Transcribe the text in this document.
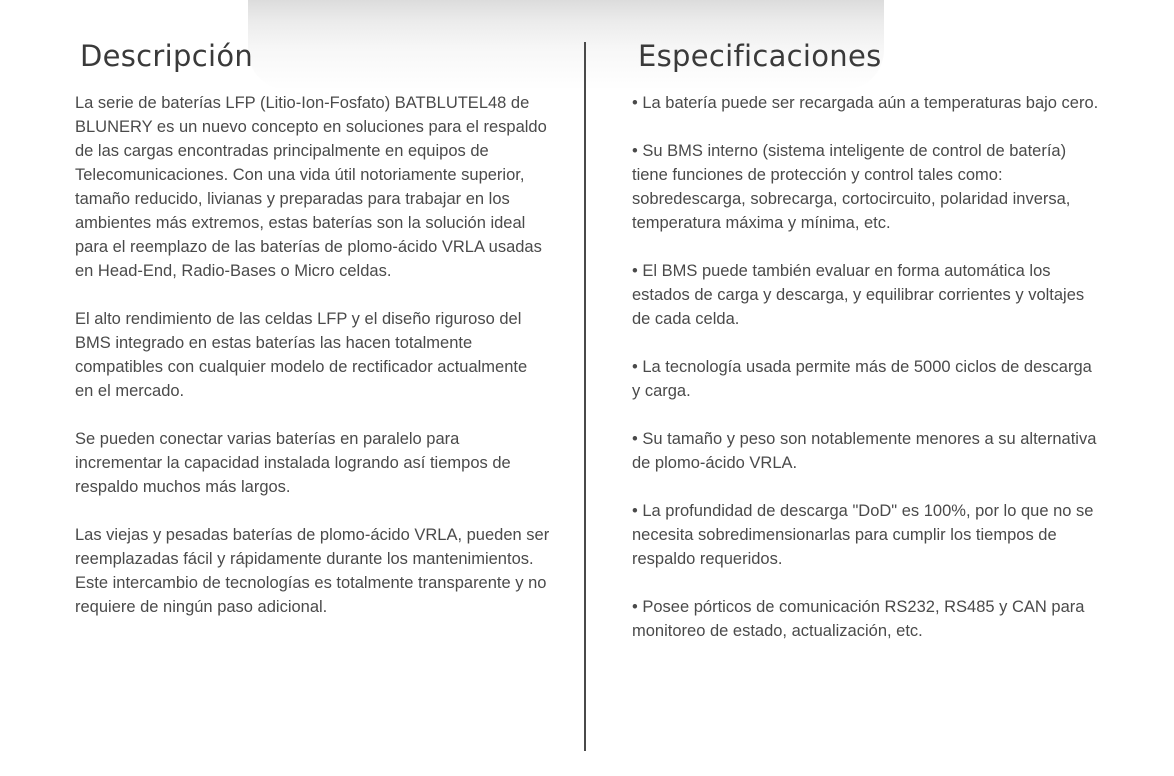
Descripción

La serie de baterías LFP (Litio-Ion-Fosfato) BATBLUTEL48 de BLUNERY es un nuevo concepto en soluciones para el respaldo de las cargas encontradas principalmente en equipos de Telecomunicaciones. Con una vida útil notoriamente superior, tamaño reducido, livianas y preparadas para trabajar en los ambientes más extremos, estas baterías son la solución ideal para el reemplazo de las baterías de plomo-ácido VRLA usadas en Head-End, Radio-Bases o Micro celdas.

El alto rendimiento de las celdas LFP y el diseño riguroso del BMS integrado en estas baterías las hacen totalmente compatibles con cualquier modelo de rectificador actualmente en el mercado.

Se pueden conectar varias baterías en paralelo para incrementar la capacidad instalada logrando así tiempos de respaldo muchos más largos.

Las viejas y pesadas baterías de plomo-ácido VRLA, pueden ser reemplazadas fácil y rápidamente durante los mantenimientos. Este intercambio de tecnologías es totalmente transparente y no requiere de ningún paso adicional.

Especificaciones

• La batería puede ser recargada aún a temperaturas bajo cero.

• Su BMS interno (sistema inteligente de control de batería) tiene funciones de protección y control tales como: sobredescarga, sobrecarga, cortocircuito, polaridad inversa, temperatura máxima y mínima, etc.

• El BMS puede también evaluar en forma automática los estados de carga y descarga, y equilibrar corrientes y voltajes de cada celda.

• La tecnología usada permite más de 5000 ciclos de descarga y carga.

• Su tamaño y peso son notablemente menores a su alternativa de plomo-ácido VRLA.

• La profundidad de descarga "DoD" es 100%, por lo que no se necesita sobredimensionarlas para cumplir los tiempos de respaldo requeridos.

• Posee pórticos de comunicación RS232, RS485 y CAN para monitoreo de estado, actualización, etc.
